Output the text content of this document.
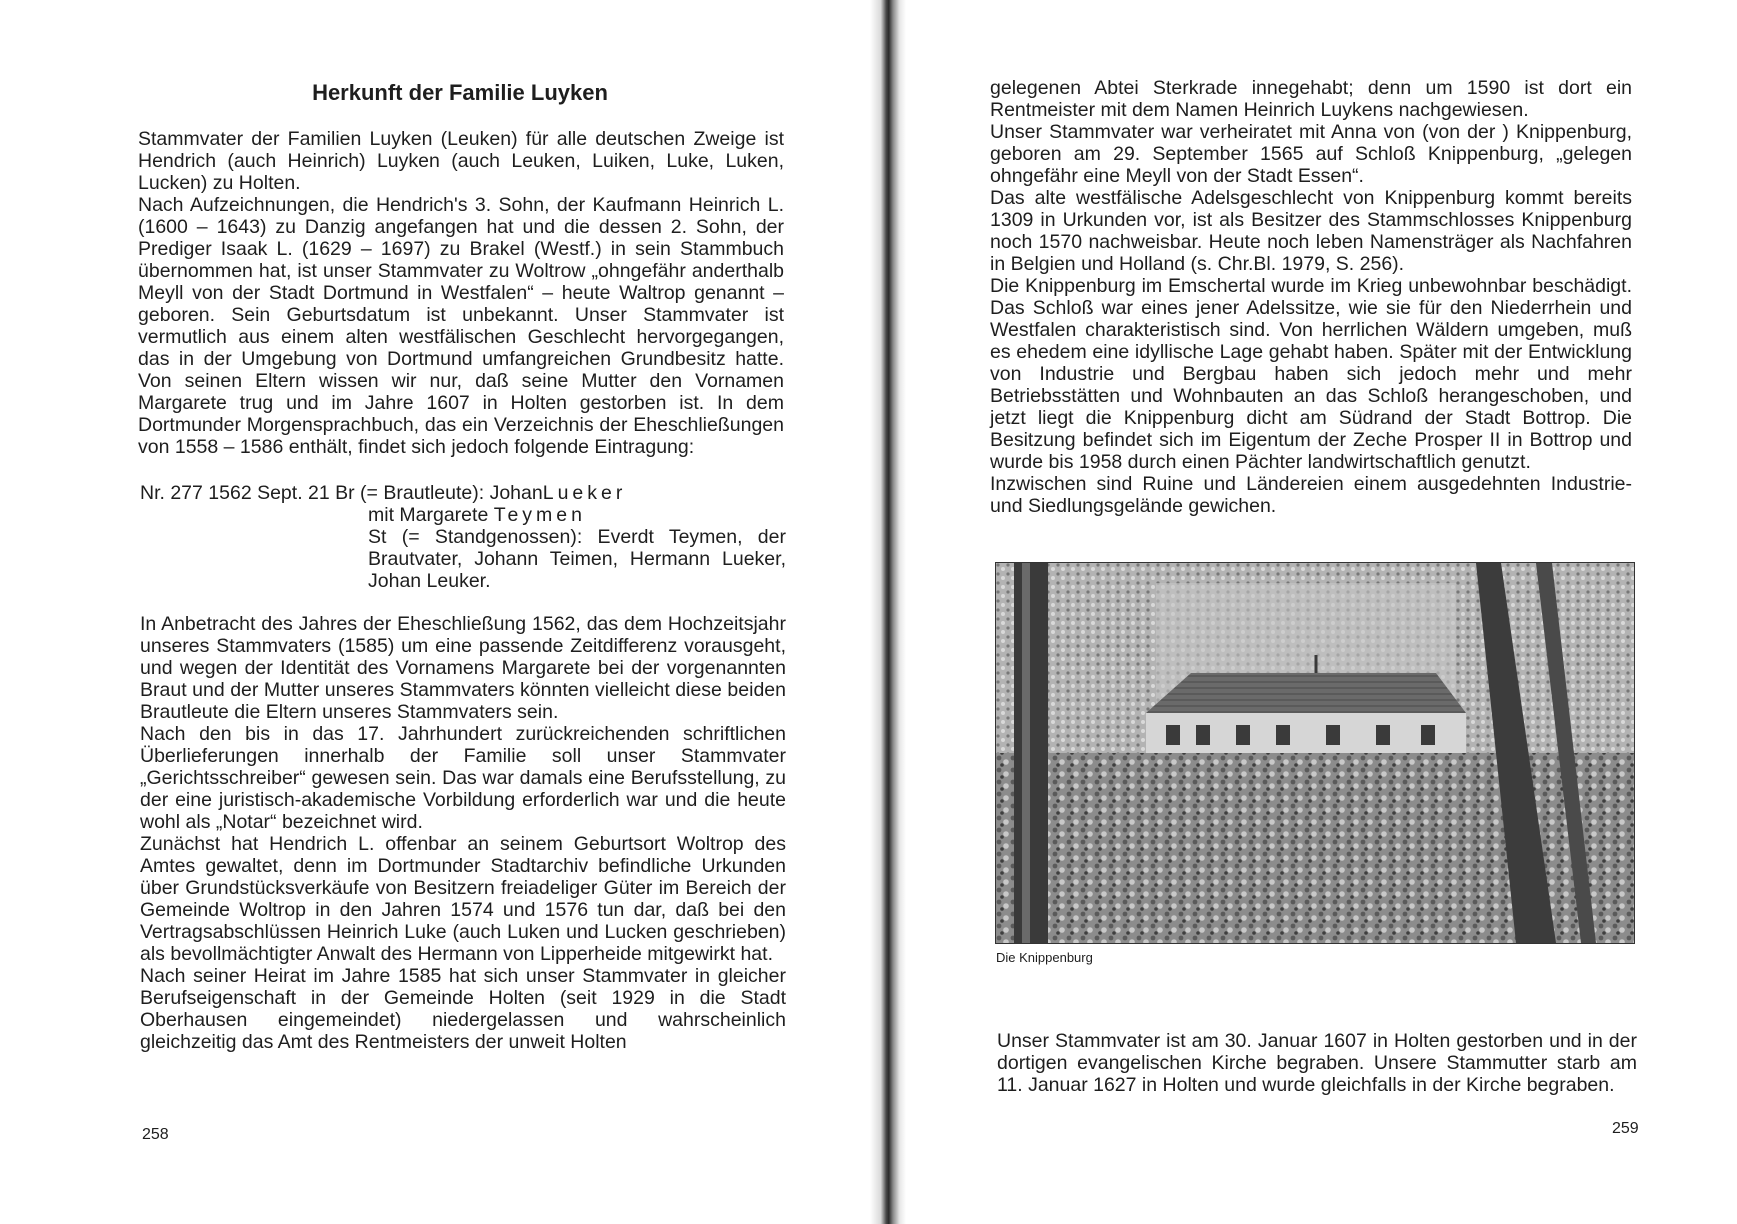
Herkunft der Familie Luyken

Stammvater der Familien Luyken (Leuken) für alle deutschen Zweige ist Hendrich (auch Heinrich) Luyken (auch Leuken, Luiken, Luke, Luken, Lucken) zu Holten.

Nach Aufzeichnungen, die Hendrich's 3. Sohn, der Kaufmann Heinrich L. (1600 – 1643) zu Danzig angefangen hat und die dessen 2. Sohn, der Prediger Isaak L. (1629 – 1697) zu Brakel (Westf.) in sein Stammbuch übernommen hat, ist unser Stammvater zu Woltrow „ohngefähr anderthalb Meyll von der Stadt Dortmund in Westfalen“ – heute Waltrop genannt – geboren. Sein Geburtsdatum ist unbekannt. Unser Stammvater ist vermutlich aus einem alten westfälischen Geschlecht hervorgegangen, das in der Umgebung von Dortmund umfangreichen Grundbesitz hatte. Von seinen Eltern wissen wir nur, daß seine Mutter den Vornamen Margarete trug und im Jahre 1607 in Holten gestorben ist. In dem Dortmunder Morgensprachbuch, das ein Verzeichnis der Eheschließungen von 1558 – 1586 enthält, findet sich jedoch folgende Eintragung:

Nr. 277 1562 Sept. 21 Br (= Brautleute): Johan Lueker
mit Margarete Teymen
St (= Standgenossen): Everdt Teymen, der Brautvater, Johann Teimen, Hermann Lueker, Johan Leuker.

In Anbetracht des Jahres der Eheschließung 1562, das dem Hochzeitsjahr unseres Stammvaters (1585) um eine passende Zeitdifferenz vorausgeht, und wegen der Identität des Vornamens Margarete bei der vorgenannten Braut und der Mutter unseres Stammvaters könnten vielleicht diese beiden Brautleute die Eltern unseres Stammvaters sein.

Nach den bis in das 17. Jahrhundert zurückreichenden schriftlichen Überlieferungen innerhalb der Familie soll unser Stammvater „Gerichtsschreiber“ gewesen sein. Das war damals eine Berufsstellung, zu der eine juristisch-akademische Vorbildung erforderlich war und die heute wohl als „Notar“ bezeichnet wird.

Zunächst hat Hendrich L. offenbar an seinem Geburtsort Woltrop des Amtes gewaltet, denn im Dortmunder Stadtarchiv befindliche Urkunden über Grundstücksverkäufe von Besitzern freiadeliger Güter im Bereich der Gemeinde Woltrop in den Jahren 1574 und 1576 tun dar, daß bei den Vertragsabschlüssen Heinrich Luke (auch Luken und Lucken geschrieben) als bevollmächtigter Anwalt des Hermann von Lipperheide mitgewirkt hat.

Nach seiner Heirat im Jahre 1585 hat sich unser Stammvater in gleicher Berufseigenschaft in der Gemeinde Holten (seit 1929 in die Stadt Oberhausen eingemeindet) niedergelassen und wahrscheinlich gleichzeitig das Amt des Rentmeisters der unweit Holten

258

gelegenen Abtei Sterkrade innegehabt; denn um 1590 ist dort ein Rentmeister mit dem Namen Heinrich Luykens nachgewiesen.

Unser Stammvater war verheiratet mit Anna von (von der ) Knippenburg, geboren am 29. September 1565 auf Schloß Knippenburg, „gelegen ohngefähr eine Meyll von der Stadt Essen“.

Das alte westfälische Adelsgeschlecht von Knippenburg kommt bereits 1309 in Urkunden vor, ist als Besitzer des Stammschlosses Knippenburg noch 1570 nachweisbar. Heute noch leben Namensträger als Nachfahren in Belgien und Holland (s. Chr.Bl. 1979, S. 256).

Die Knippenburg im Emschertal wurde im Krieg unbewohnbar beschädigt. Das Schloß war eines jener Adelssitze, wie sie für den Niederrhein und Westfalen charakteristisch sind. Von herrlichen Wäldern umgeben, muß es ehedem eine idyllische Lage gehabt haben. Später mit der Entwicklung von Industrie und Bergbau haben sich jedoch mehr und mehr Betriebsstätten und Wohnbauten an das Schloß herangeschoben, und jetzt liegt die Knippenburg dicht am Südrand der Stadt Bottrop. Die Besitzung befindet sich im Eigentum der Zeche Prosper II in Bottrop und wurde bis 1958 durch einen Pächter landwirtschaftlich genutzt.

Inzwischen sind Ruine und Ländereien einem ausgedehnten Industrie- und Siedlungsgelände gewichen.

Die Knippenburg

Unser Stammvater ist am 30. Januar 1607 in Holten gestorben und in der dortigen evangelischen Kirche begraben. Unsere Stammutter starb am 11. Januar 1627 in Holten und wurde gleichfalls in der Kirche begraben.

259
